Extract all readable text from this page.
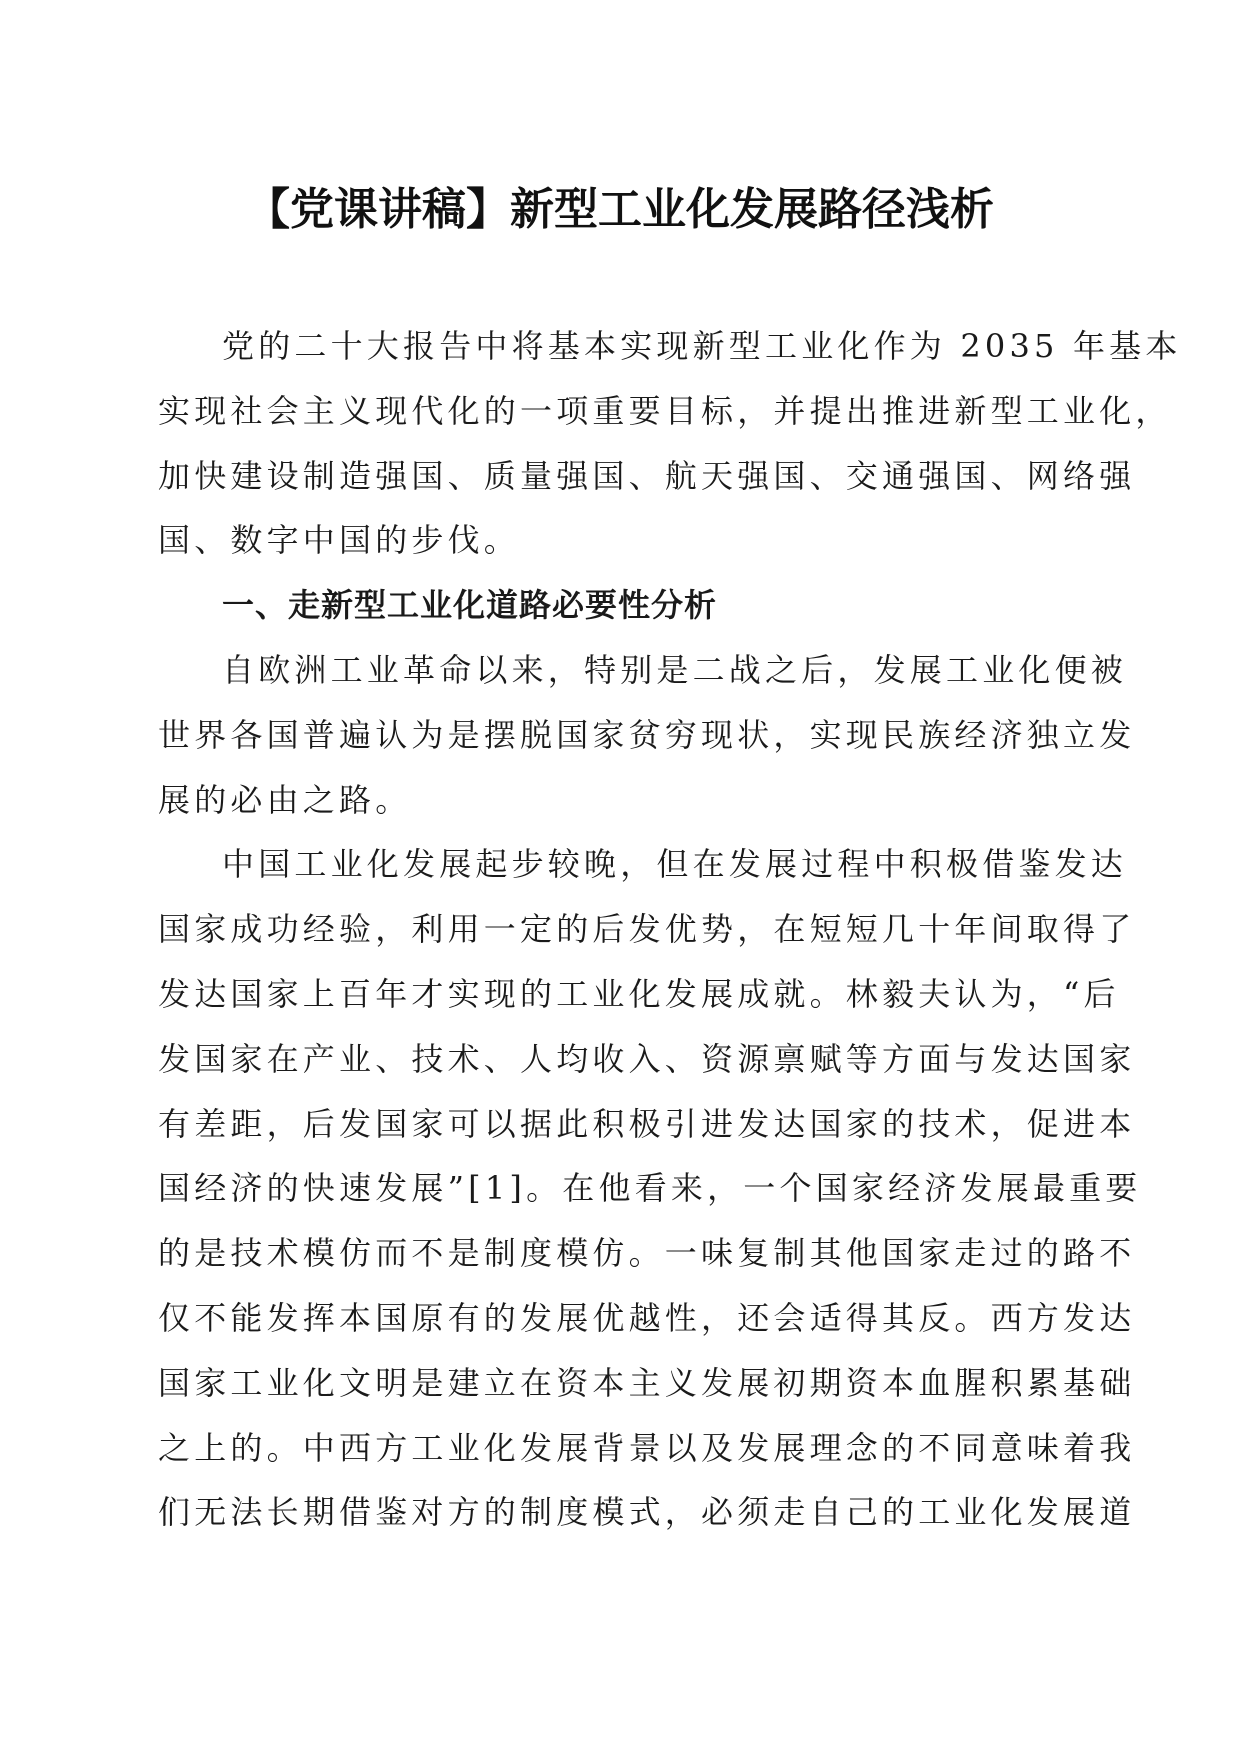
【党课讲稿】新型工业化发展路径浅析

党的二十大报告中将基本实现新型工业化作为 2035 年基本
实现社会主义现代化的一项重要目标，并提出推进新型工业化，
加快建设制造强国、质量强国、航天强国、交通强国、网络强
国、数字中国的步伐。

一、走新型工业化道路必要性分析

自欧洲工业革命以来，特别是二战之后，发展工业化便被
世界各国普遍认为是摆脱国家贫穷现状，实现民族经济独立发
展的必由之路。

中国工业化发展起步较晚，但在发展过程中积极借鉴发达
国家成功经验，利用一定的后发优势，在短短几十年间取得了
发达国家上百年才实现的工业化发展成就。林毅夫认为，“后
发国家在产业、技术、人均收入、资源禀赋等方面与发达国家
有差距，后发国家可以据此积极引进发达国家的技术，促进本
国经济的快速发展”[1]。在他看来，一个国家经济发展最重要
的是技术模仿而不是制度模仿。一味复制其他国家走过的路不
仅不能发挥本国原有的发展优越性，还会适得其反。西方发达
国家工业化文明是建立在资本主义发展初期资本血腥积累基础
之上的。中西方工业化发展背景以及发展理念的不同意味着我
们无法长期借鉴对方的制度模式，必须走自己的工业化发展道
